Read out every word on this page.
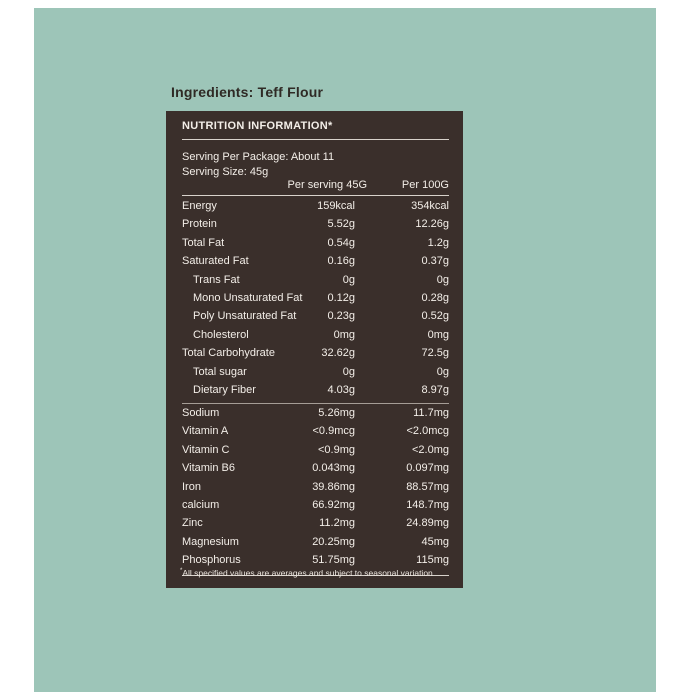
Ingredients: Teff Flour
NUTRITION INFORMATION*
Serving Per Package: About 11
Serving Size: 45g
Per serving 45G	Per 100G
Energy	159kcal	354kcal
Protein	5.52g	12.26g
Total Fat	0.54g	1.2g
Saturated Fat	0.16g	0.37g
Trans Fat	0g	0g
Mono Unsaturated Fat 0.12g	0.28g
Poly Unsaturated Fat	0.23g	0.52g
Cholesterol	0mg	0mg
Total Carbohydrate	32.62g	72.5g
Total sugar	0g	0g
Dietary Fiber	4.03g	8.97g
Sodium	5.26mg	11.7mg
Vitamin A	<0.9mcg	<2.0mcg
Vitamin C	<0.9mg	<2.0mg
Vitamin B6	0.043mg	0.097mg
Iron	39.86mg	88.57mg
calcium	66.92mg	148.7mg
Zinc	11.2mg	24.89mg
Magnesium	20.25mg	45mg
Phosphorus	51.75mg	115mg
*All specified values are averages and subject to seasonal variation
